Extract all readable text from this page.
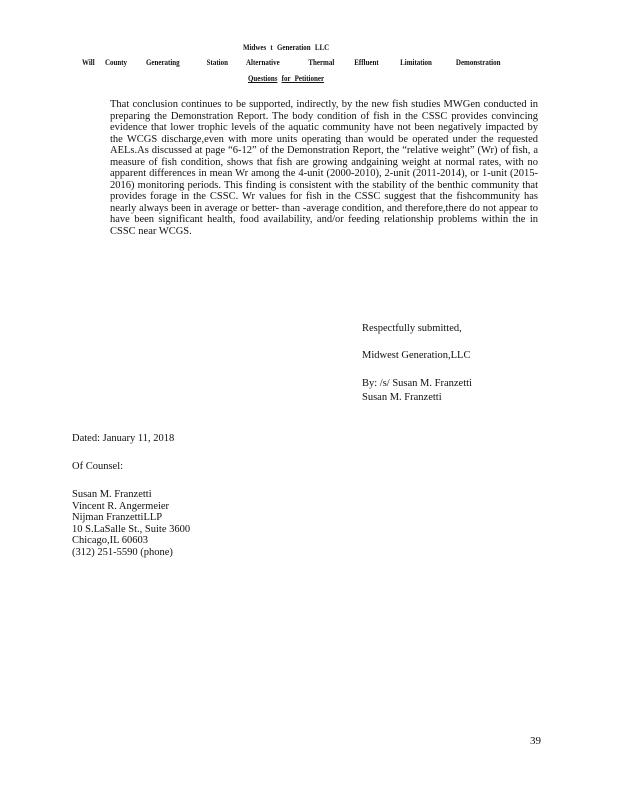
Midwes t Generation LLC
Will	County	Generating	Station	Alternative	Thermal	Effluent	Limitation	Demonstration
Questions for Petitioner
That conclusion continues to be supported, indirectly, by the new fish studies MWGen conducted in preparing the Demonstration Report. The body condition of fish in the CSSC provides convincing evidence that lower trophic levels of the aquatic community have not been negatively impacted by the WCGS discharge,even with more units operating than would be operated under the requested AELs.As discussed at page “6-12” of the Demonstration Report, the “relative weight” (Wr) of fish, a measure of fish condition, shows that fish are growing andgaining weight at normal rates, with no apparent differences in mean Wr among the 4-unit (2000-2010), 2-unit (2011-2014), or 1-unit (2015-2016) monitoring periods. This finding is consistent with the stability of the benthic community that provides forage in the CSSC. Wr values for fish in the CSSC suggest that the fishcommunity has nearly always been in average or better- than -average condition, and therefore,there do not appear to have been significant health, food availability, and/or feeding relationship problems within the in CSSC near WCGS.
Respectfully submitted,
Midwest Generation,LLC
By: /s/ Susan M. Franzetti
Susan M. Franzetti
Dated: January 11, 2018
Of Counsel:
Susan M. Franzetti
Vincent R. Angermeier
Nijman FranzettiLLP
10 S.LaSalle St., Suite 3600
Chicago,IL 60603
(312) 251-5590 (phone)
39
